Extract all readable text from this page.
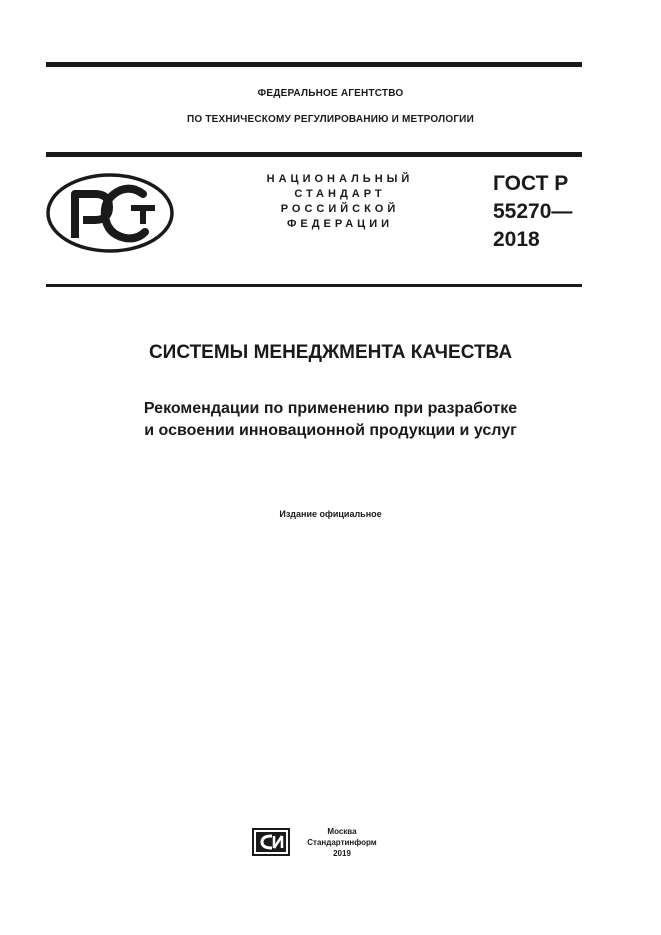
ФЕДЕРАЛЬНОЕ АГЕНТСТВО
ПО ТЕХНИЧЕСКОМУ РЕГУЛИРОВАНИЮ И МЕТРОЛОГИИ
НАЦИОНАЛЬНЫЙ
СТАНДАРТ
РОССИЙСКОЙ
ФЕДЕРАЦИИ
ГОСТ Р
55270—
2018
СИСТЕМЫ МЕНЕДЖМЕНТА КАЧЕСТВА
Рекомендации по применению при разработке
и освоении инновационной продукции и услуг
Издание официальное
Москва
Стандартинформ
2019
